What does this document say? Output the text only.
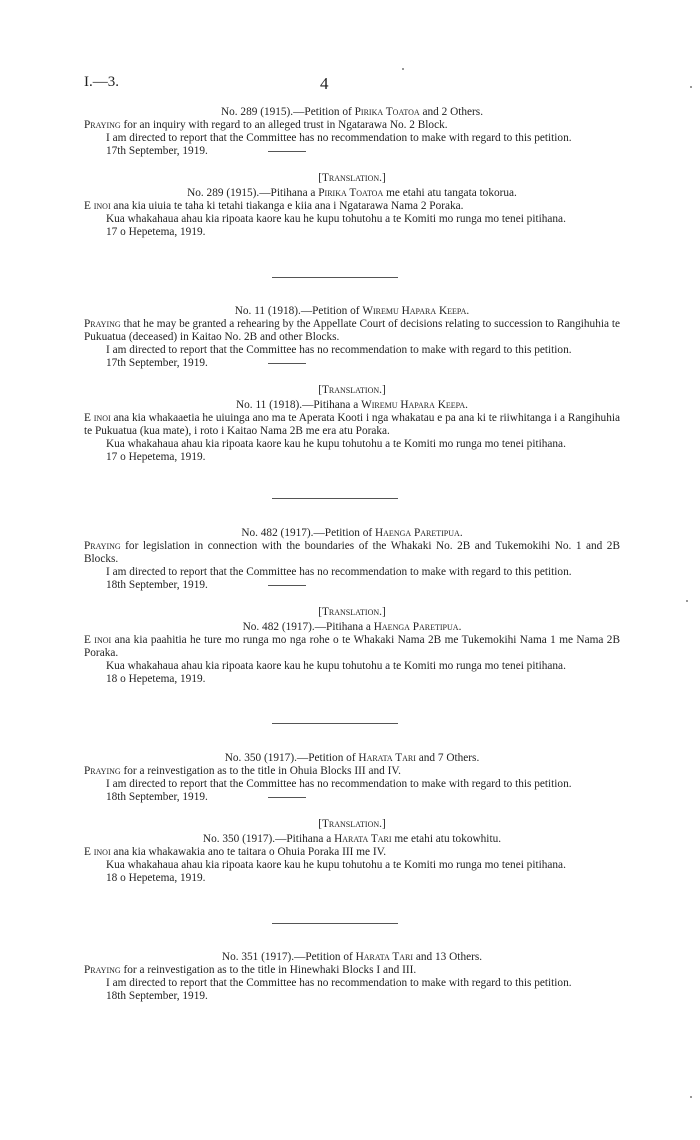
I.—3.	4

No. 289 (1915).—Petition of Pirika Toatoa and 2 Others.

Praying for an inquiry with regard to an alleged trust in Ngatarawa No. 2 Block.

I am directed to report that the Committee has no recommendation to make with regard to this petition.

17th September, 1919.

[Translation.]

No. 289 (1915).—Pitihana a Pirika Toatoa me etahi atu tangata tokorua.

E inoi ana kia uiuia te taha ki tetahi tiakanga e kiia ana i Ngatarawa Nama 2 Poraka.

Kua whakahaua ahau kia ripoata kaore kau he kupu tohutohu a te Komiti mo runga mo tenei pitihana.

17 o Hepetema, 1919.

No. 11 (1918).—Petition of Wiremu Hapara Keepa.

Praying that he may be granted a rehearing by the Appellate Court of decisions relating to succession to Rangihuhia te Pukuatua (deceased) in Kaitao No. 2B and other Blocks.

I am directed to report that the Committee has no recommendation to make with regard to this petition.

17th September, 1919.

[Translation.]

No. 11 (1918).—Pitihana a Wiremu Hapara Keepa.

E inoi ana kia whakaaetia he uiuinga ano ma te Aperata Kooti i nga whakatau e pa ana ki te riiwhitanga i a Rangihuhia te Pukuatua (kua mate), i roto i Kaitao Nama 2B me era atu Poraka.

Kua whakahaua ahau kia ripoata kaore kau he kupu tohutohu a te Komiti mo runga mo tenei pitihana.

17 o Hepetema, 1919.

No. 482 (1917).—Petition of Haenga Paretipua.

Praying for legislation in connection with the boundaries of the Whakaki No. 2B and Tukemokihi No. 1 and 2B Blocks.

I am directed to report that the Committee has no recommendation to make with regard to this petition.

18th September, 1919.

[Translation.]

No. 482 (1917).—Pitihana a Haenga Paretipua.

E inoi ana kia paahitia he ture mo runga mo nga rohe o te Whakaki Nama 2B me Tukemokihi Nama 1 me Nama 2B Poraka.

Kua whakahaua ahau kia ripoata kaore kau he kupu tohutohu a te Komiti mo runga mo tenei pitihana.

18 o Hepetema, 1919.

No. 350 (1917).—Petition of Harata Tari and 7 Others.

Praying for a reinvestigation as to the title in Ohuia Blocks III and IV.

I am directed to report that the Committee has no recommendation to make with regard to this petition.

18th September, 1919.

[Translation.]

No. 350 (1917).—Pitihana a Harata Tari me etahi atu tokowhitu.

E inoi ana kia whakawakia ano te taitara o Ohuia Poraka III me IV.

Kua whakahaua ahau kia ripoata kaore kau he kupu tohutohu a te Komiti mo runga mo tenei pitihana.

18 o Hepetema, 1919.

No. 351 (1917).—Petition of Harata Tari and 13 Others.

Praying for a reinvestigation as to the title in Hinewhaki Blocks I and III.

I am directed to report that the Committee has no recommendation to make with regard to this petition.

18th September, 1919.
